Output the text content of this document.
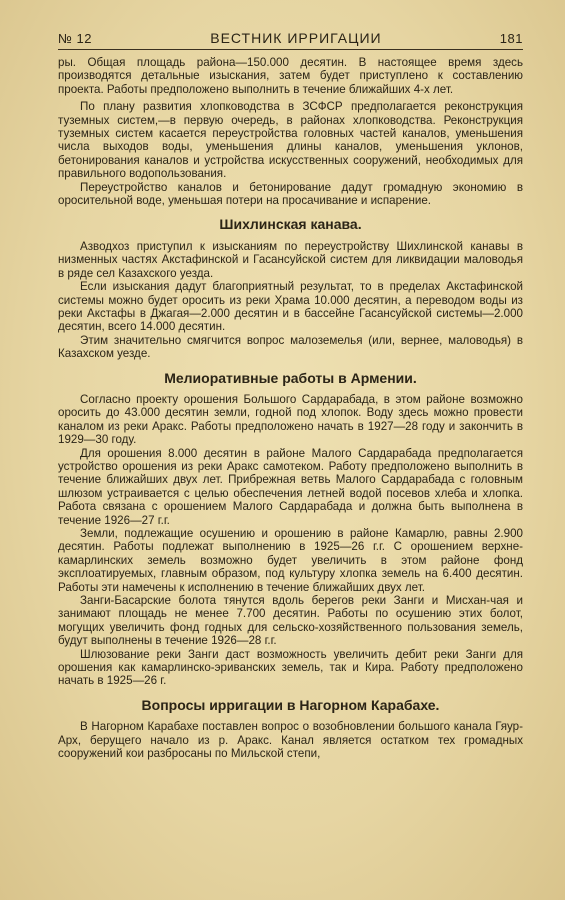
№ 12	ВЕСТНИК ИРРИГАЦИИ	181

ры. Общая площадь района—150.000 десятин. В настоящее время здесь производятся детальные изыскания, затем будет приступлено к составлению проекта. Работы предположено выполнить в течение ближайших 4-х лет.

По плану развития хлопководства в ЗСФСР предполагается реконструкция туземных систем,—в первую очередь, в районах хлопководства. Реконструкция туземных систем касается переустройства головных частей каналов, уменьшения числа выходов воды, уменьшения длины каналов, уменьшения уклонов, бетонирования каналов и устройства искусственных сооружений, необходимых для правильного водопользования.

Переустройство каналов и бетонирование дадут громадную экономию в оросительной воде, уменьшая потери на просачивание и испарение.

Шихлинская канава.

Азводхоз приступил к изысканиям по переустройству Шихлинской канавы в низменных частях Акстафинской и Гасансуйской систем для ликвидации маловодья в ряде сел Казахского уезда.

Если изыскания дадут благоприятный результат, то в пределах Акстафинской системы можно будет оросить из реки Храма 10.000 десятин, а переводом воды из реки Акстафы в Джагая—2.000 десятин и в бассейне Гасансуйской системы—2.000 десятин, всего 14.000 десятин.

Этим значительно смягчится вопрос малоземелья (или, вернее, маловодья) в Казахском уезде.

Мелиоративные работы в Армении.

Согласно проекту орошения Большого Сардарабада, в этом районе возможно оросить до 43.000 десятин земли, годной под хлопок. Воду здесь можно провести каналом из реки Аракс. Работы предположено начать в 1927—28 году и закончить в 1929—30 году.

Для орошения 8.000 десятин в районе Малого Сардарабада предполагается устройство орошения из реки Аракс самотеком. Работу предположено выполнить в течение ближайших двух лет. Прибрежная ветвь Малого Сардарабада с головным шлюзом устраивается с целью обеспечения летней водой посевов хлеба и хлопка. Работа связана с орошением Малого Сардарабада и должна быть выполнена в течение 1926—27 г.г.

Земли, подлежащие осушению и орошению в районе Камарлю, равны 2.900 десятин. Работы подлежат выполнению в 1925—26 г.г. С орошением верхне-камарлинских земель возможно будет увеличить в этом районе фонд эксплоатируемых, главным образом, под культуру хлопка земель на 6.400 десятин. Работы эти намечены к исполнению в течение ближайших двух лет.

Занги-Басарские болота тянутся вдоль берегов реки Занги и Мисхан-чая и занимают площадь не менее 7.700 десятин. Работы по осушению этих болот, могущих увеличить фонд годных для сельско-хозяйственного пользования земель, будут выполнены в течение 1926—28 г.г.

Шлюзование реки Занги даст возможность увеличить дебит реки Занги для орошения как камарлинско-эриванских земель, так и Кира. Работу предположено начать в 1925—26 г.

Вопросы ирригации в Нагорном Карабахе.

В Нагорном Карабахе поставлен вопрос о возобновлении большого канала Гяур-Арх, берущего начало из р. Аракс. Канал является остатком тех громадных сооружений кои разбросаны по Мильской степи,
